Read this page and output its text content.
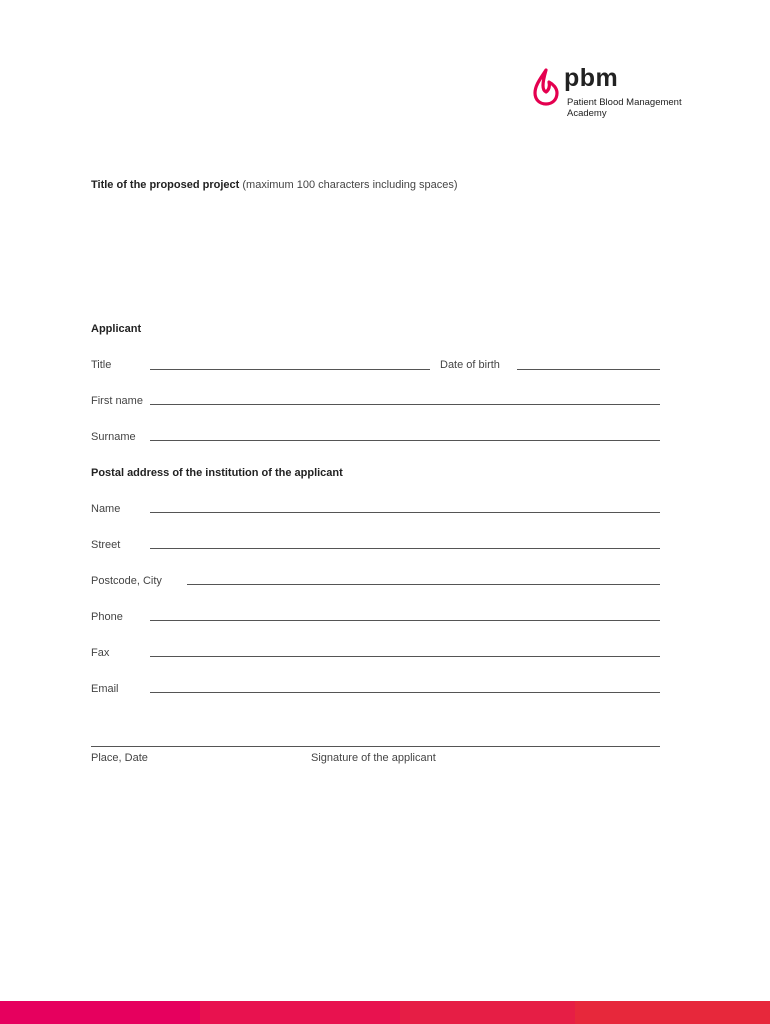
pbm
Patient Blood Management
Academy
Title of the proposed project (maximum 100 characters including spaces)
Applicant
Title	Date of birth
First name
Surname
Postal address of the institution of the applicant
Name
Street
Postcode, City
Phone
Fax
Email
Place, Date	Signature of the applicant
